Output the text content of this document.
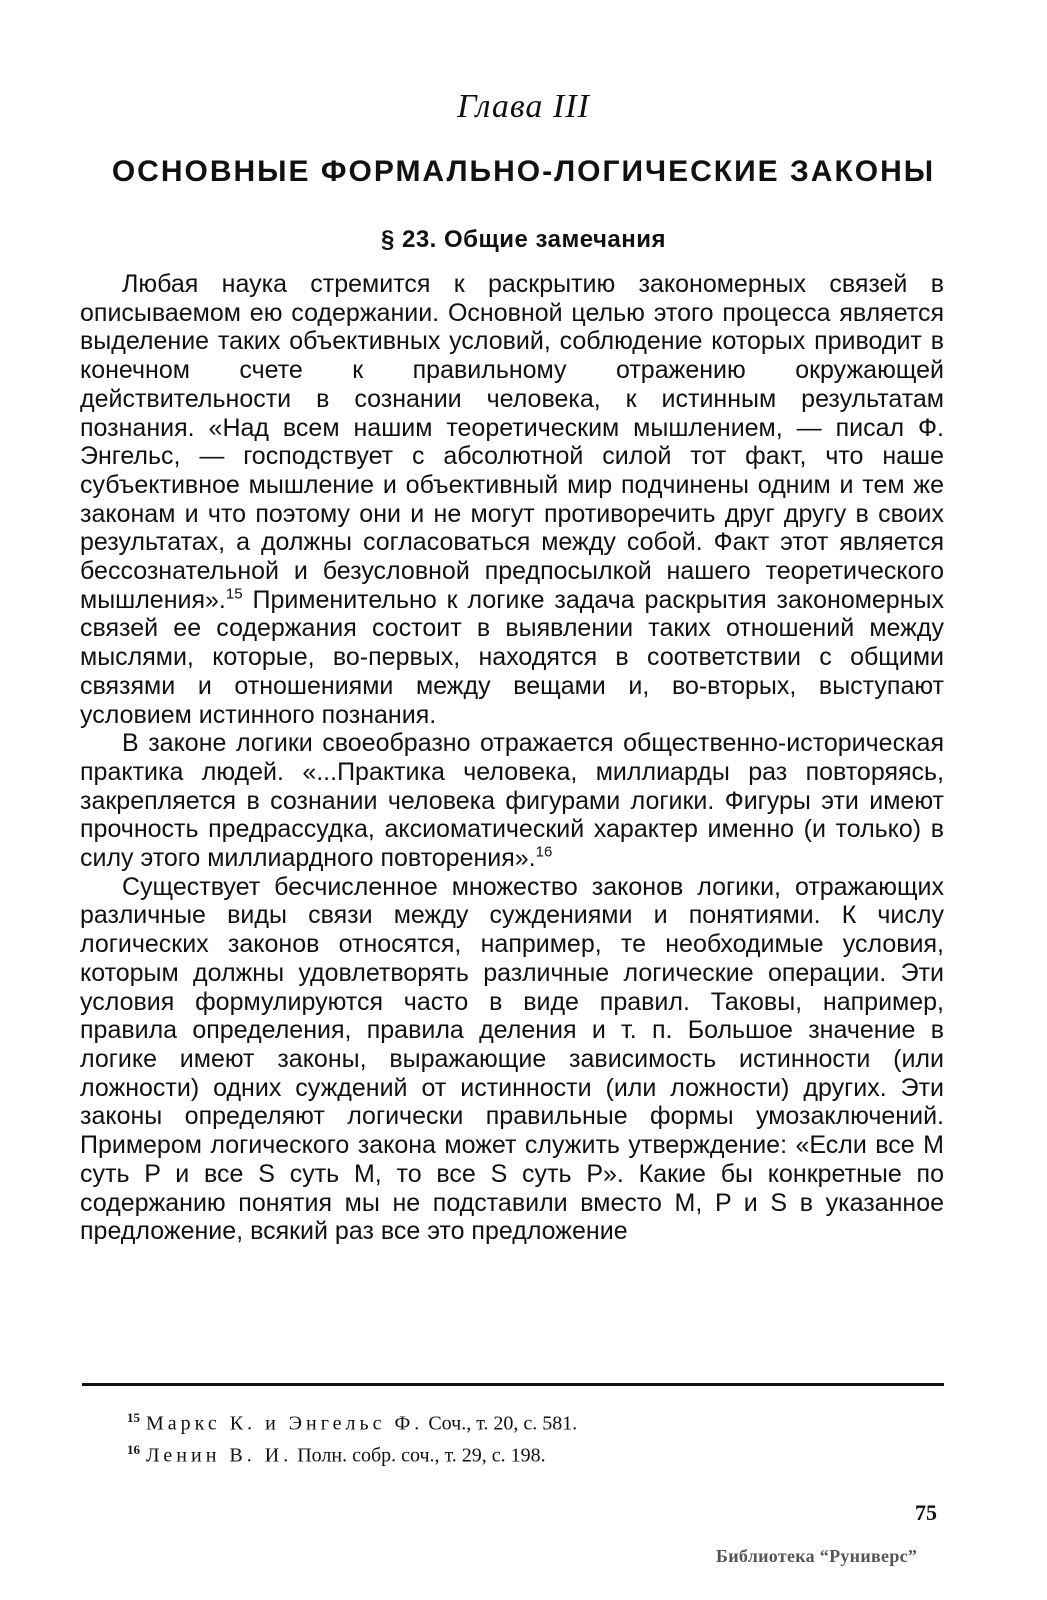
Глава III
ОСНОВНЫЕ ФОРМАЛЬНО-ЛОГИЧЕСКИЕ ЗАКОНЫ
§ 23. Общие замечания

Любая наука стремится к раскрытию закономерных связей в описываемом ею содержании. Основной целью этого процесса является выделение таких объективных условий, соблюдение которых приводит в конечном счете к правильному отражению окружающей действительности в сознании человека, к истинным результатам познания. «Над всем нашим теоретическим мышлением, — писал Ф. Энгельс, — господствует с абсолютной силой тот факт, что наше субъективное мышление и объективный мир подчинены одним и тем же законам и что поэтому они и не могут противоречить друг другу в своих результатах, а должны согласоваться между собой. Факт этот является бессознательной и безусловной предпосылкой нашего теоретического мышления».$^{15}$ Применительно к логике задача раскрытия закономерных связей ее содержания состоит в выявлении таких отношений между мыслями, которые, во-первых, находятся в соответствии с общими связями и отношениями между вещами и, во-вторых, выступают условием истинного познания.

В законе логики своеобразно отражается общественно-историческая практика людей. «...Практика человека, миллиарды раз повторяясь, закрепляется в сознании человека фигурами логики. Фигуры эти имеют прочность предрассудка, аксиоматический характер именно (и только) в силу этого миллиардного повторения».$^{16}$

Существует бесчисленное множество законов логики, отражающих различные виды связи между суждениями и понятиями. К числу логических законов относятся, например, те необходимые условия, которым должны удовлетворять различные логические операции. Эти условия формулируются часто в виде правил. Таковы, например, правила определения, правила деления и т. п. Большое значение в логике имеют законы, выражающие зависимость истинности (или ложности) одних суждений от истинности (или ложности) других. Эти законы определяют логически правильные формы умозаключений. Примером логического закона может служить утверждение: «Если все M суть P и все S суть M, то все S суть P». Какие бы конкретные по содержанию понятия мы не подставили вместо M, P и S в указанное предложение, всякий раз все это предложение

$^{15}$ Маркс К. и Энгельс Ф. Соч., т. 20, с. 581.
$^{16}$ Ленин В. И. Полн. собр. соч., т. 29, с. 198.
75
Библиотека “Руниверс”
